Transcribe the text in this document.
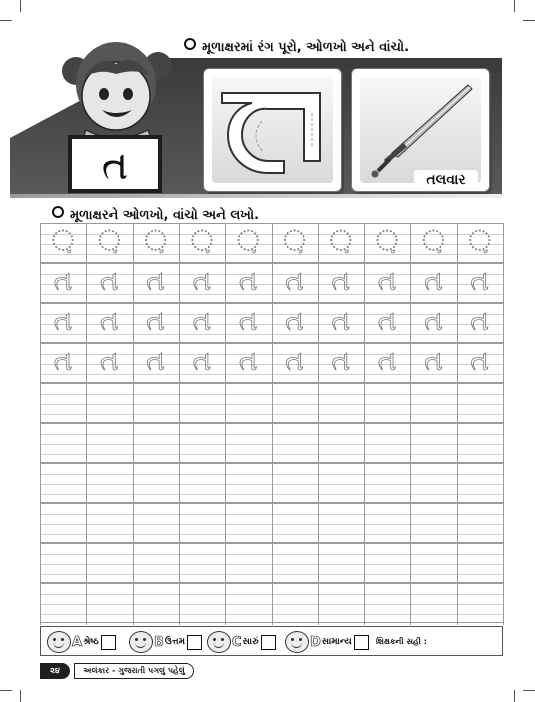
મૂળાક્ષરમાં રંગ પૂરો, ઓળખો અને વાંચો.
ત	તલવાર
મૂળાક્ષરને ઓળખો, વાંચો અને લખો.
઼ ઼ ઼ ઼ ઼ ઼ ઼ ઼ ઼ ઼
ત ત ત ત ત ત ત ત ત ત
ત ત ત ત ત ત ત ત ત ત
ત ત ત ત ત ત ત ત ત ત
A શ્રેષ્ઠ	B ઉત્તમ	C સારું	D સામાન્ય	શિક્ષકની સહી :
૨૪	અલંકાર - ગુજરાતી પગલું પહેલું
